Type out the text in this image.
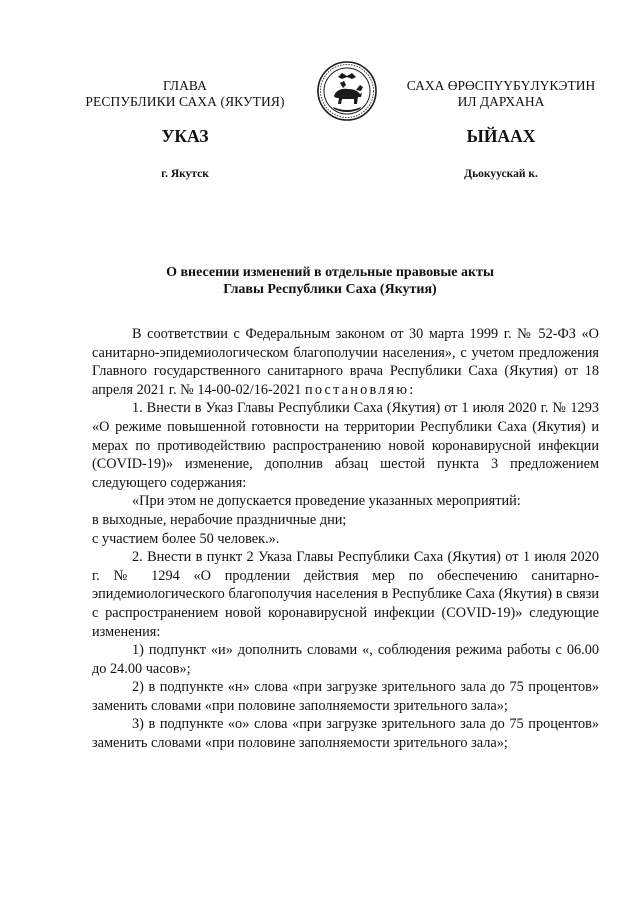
ГЛАВА
РЕСПУБЛИКИ САХА (ЯКУТИЯ)
САХА ӨРӨСПҮҮБҮЛҮКЭТИН
ИЛ ДАРХАНА
УКАЗ	ЫЙААХ
г. Якутск	Дьокуускай к.
О внесении изменений в отдельные правовые акты
Главы Республики Саха (Якутия)

В соответствии с Федеральным законом от 30 марта 1999 г. № 52-ФЗ «О санитарно-эпидемиологическом благополучии населения», с учетом предложения Главного государственного санитарного врача Республики Саха (Якутия) от 18 апреля 2021 г. № 14-00-02/16-2021 постановляю:

1. Внести в Указ Главы Республики Саха (Якутия) от 1 июля 2020 г. № 1293 «О режиме повышенной готовности на территории Республики Саха (Якутия) и мерах по противодействию распространению новой коронавирусной инфекции (COVID-19)» изменение, дополнив абзац шестой пункта 3 предложением следующего содержания:

«При этом не допускается проведение указанных мероприятий:

в выходные, нерабочие праздничные дни;

с участием более 50 человек.».

2. Внести в пункт 2 Указа Главы Республики Саха (Якутия) от 1 июля 2020 г. № 1294 «О продлении действия мер по обеспечению санитарно-эпидемиологического благополучия населения в Республике Саха (Якутия) в связи с распространением новой коронавирусной инфекции (COVID-19)» следующие изменения:

1) подпункт «и» дополнить словами «, соблюдения режима работы с 06.00 до 24.00 часов»;

2) в подпункте «н» слова «при загрузке зрительного зала до 75 процентов» заменить словами «при половине заполняемости зрительного зала»;

3) в подпункте «о» слова «при загрузке зрительного зала до 75 процентов» заменить словами «при половине заполняемости зрительного зала»;
